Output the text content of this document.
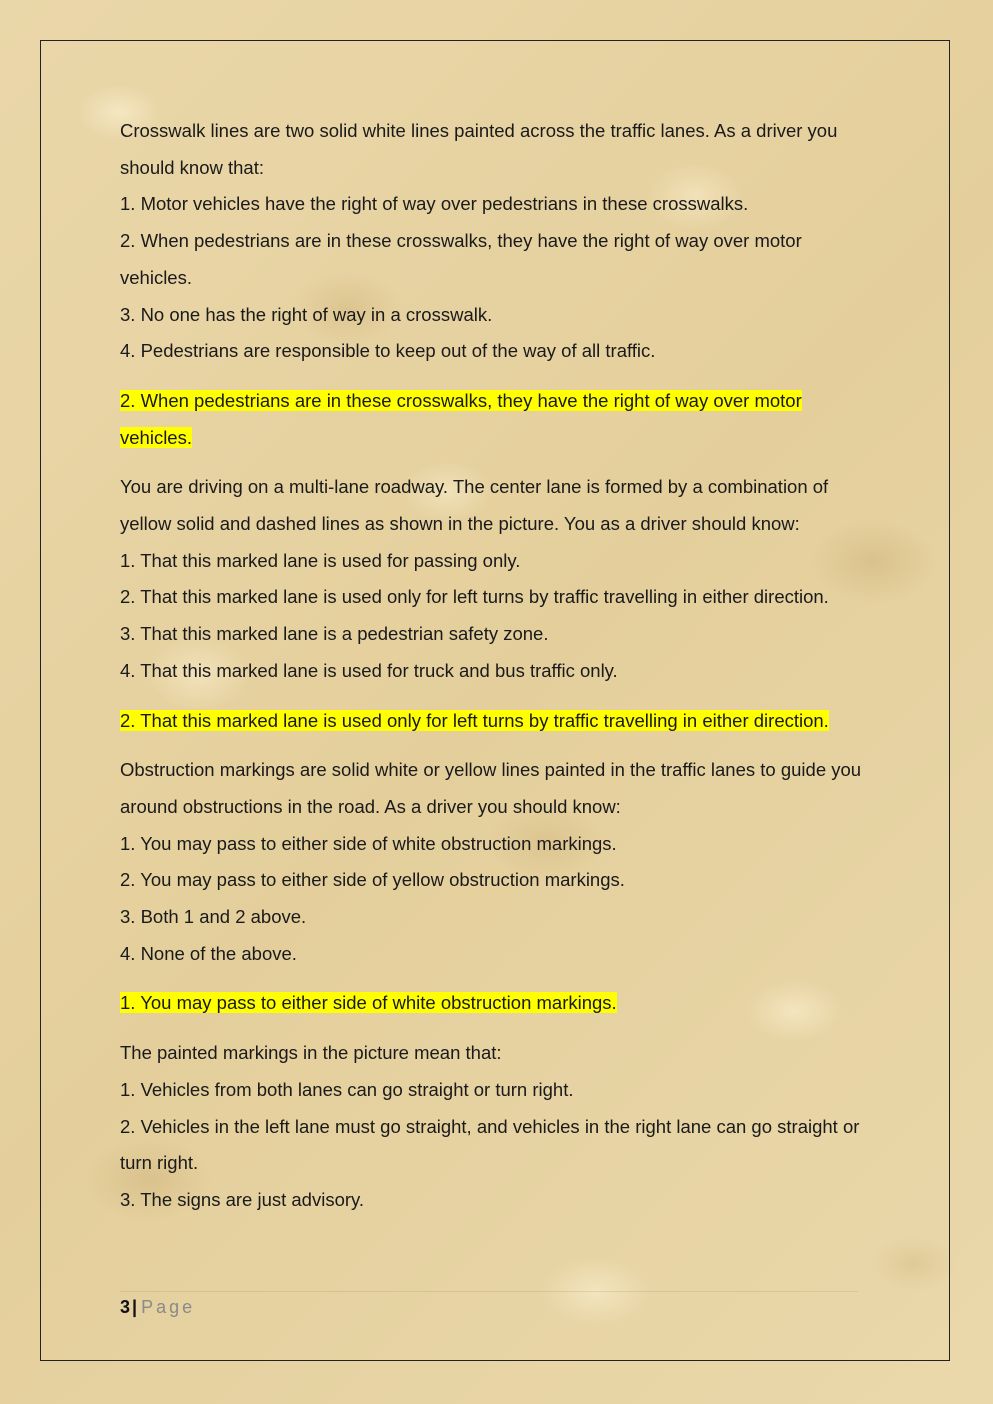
Crosswalk lines are two solid white lines painted across the traffic lanes. As a driver you should know that:

1. Motor vehicles have the right of way over pedestrians in these crosswalks.

2. When pedestrians are in these crosswalks, they have the right of way over motor vehicles.

3. No one has the right of way in a crosswalk.

4. Pedestrians are responsible to keep out of the way of all traffic.

2. When pedestrians are in these crosswalks, they have the right of way over motor vehicles.

You are driving on a multi-lane roadway. The center lane is formed by a combination of yellow solid and dashed lines as shown in the picture. You as a driver should know:

1. That this marked lane is used for passing only.

2. That this marked lane is used only for left turns by traffic travelling in either direction.

3. That this marked lane is a pedestrian safety zone.

4. That this marked lane is used for truck and bus traffic only.

2. That this marked lane is used only for left turns by traffic travelling in either direction.

Obstruction markings are solid white or yellow lines painted in the traffic lanes to guide you around obstructions in the road. As a driver you should know:

1. You may pass to either side of white obstruction markings.

2. You may pass to either side of yellow obstruction markings.

3. Both 1 and 2 above.

4. None of the above.

1. You may pass to either side of white obstruction markings.

The painted markings in the picture mean that:

1. Vehicles from both lanes can go straight or turn right.

2. Vehicles in the left lane must go straight, and vehicles in the right lane can go straight or turn right.

3. The signs are just advisory.

3 | Page
